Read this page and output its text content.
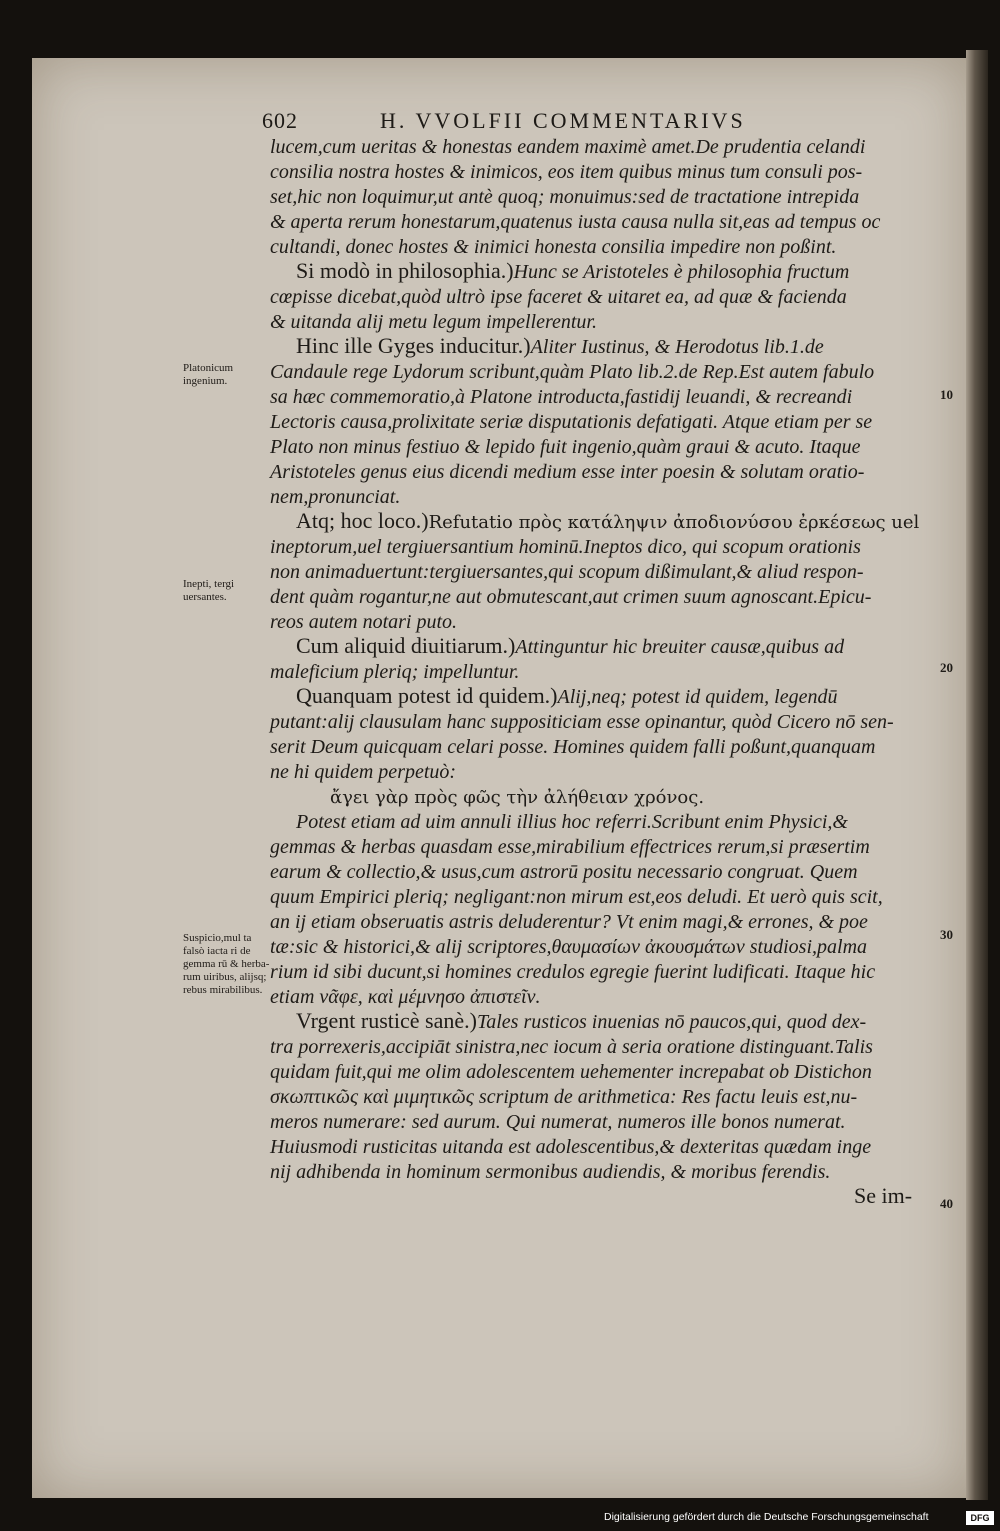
602	H. VVOLFII COMMENTARIVS
lucem,cum ueritas & honestas eandem maximè amet.De prudentia celandi
consilia nostra hostes & inimicos, eos item quibus minus tum consuli pos-
set,hic non loquimur,ut antè quoq; monuimus:sed de tractatione intrepida
& aperta rerum honestarum,quatenus iusta causa nulla sit,eas ad tempus oc
cultandi, donec hostes & inimici honesta consilia impedire non poßint.
Si modò in philosophia.)Hunc se Aristoteles è philosophia fructum
cœpisse dicebat,quòd ultrò ipse faceret & uitaret ea, ad quæ & facienda
& uitanda alij metu legum impellerentur.
Hinc ille Gyges inducitur.)Aliter Iustinus, & Herodotus lib.1.de
Candaule rege Lydorum scribunt,quàm Plato lib.2.de Rep.Est autem fabulo
sa hæc commemoratio,à Platone introducta,fastidij leuandi, & recreandi
Lectoris causa,prolixitate seriæ disputationis defatigati. Atque etiam per se
Plato non minus festiuo & lepido fuit ingenio,quàm graui & acuto. Itaque
Aristoteles genus eius dicendi medium esse inter poesin & solutam oratio-
nem,pronunciat.
Atq; hoc loco.)Refutatio πρὸς κατάληψιν ἀποδιονύσου ἐρκέσεως uel
ineptorum,uel tergiuersantium hominū.Ineptos dico, qui scopum orationis
non animaduertunt:tergiuersantes,qui scopum dißimulant,& aliud respon-
dent quàm rogantur,ne aut obmutescant,aut crimen suum agnoscant.Epicu-
reos autem notari puto.
Cum aliquid diuitiarum.)Attinguntur hic breuiter causæ,quibus ad
maleficium pleriq; impelluntur.
Quanquam potest id quidem.)Alij,neq; potest id quidem, legendū
putant:alij clausulam hanc suppositiciam esse opinantur, quòd Cicero nō sen-
serit Deum quicquam celari posse. Homines quidem falli poßunt,quanquam
ne hi quidem perpetuò:
ἄγει γὰρ πρὸς φῶς τὴν ἀλήθειαν χρόνος.
Potest etiam ad uim annuli illius hoc referri.Scribunt enim Physici,&
gemmas & herbas quasdam esse,mirabilium effectrices rerum,si præsertim
earum & collectio,& usus,cum astrorū positu necessario congruat. Quem
quum Empirici pleriq; negligant:non mirum est,eos deludi. Et uerò quis scit,
an ij etiam obseruatis astris deluderentur? Vt enim magi,& errones, & poe
tæ:sic & historici,& alij scriptores,θαυμασίων ἀκουσμάτων studiosi,palma
rium id sibi ducunt,si homines credulos egregie fuerint ludificati. Itaque hic
etiam νᾶφε, καὶ μέμνησο ἀπιστεῖν.
Vrgent rusticè sanè.)Tales rusticos inuenias nō paucos,qui, quod dex-
tra porrexeris,accipiāt sinistra,nec iocum à seria oratione distinguant.Talis
quidam fuit,qui me olim adolescentem uehementer increpabat ob Distichon
σκωπτικῶς καὶ μιμητικῶς scriptum de arithmetica: Res factu leuis est,nu-
meros numerare: sed aurum. Qui numerat, numeros ille bonos numerat.
Huiusmodi rusticitas uitanda est adolescentibus,& dexteritas quædam inge
nij adhibenda in hominum sermonibus audiendis, & moribus ferendis.
Se im-
Platonicum ingenium.
Inepti, tergi uersantes.
Suspicio,mul ta falsò iacta ri de gemma rū & herba-rum uiribus, alijsq; rebus mirabilibus.
10
20
30
40
Digitalisierung gefördert durch die Deutsche Forschungsgemeinschaft	DFG
